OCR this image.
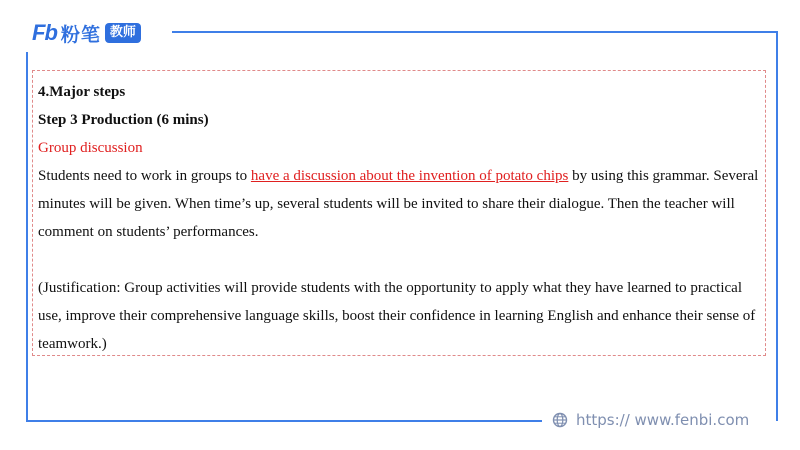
Fb 粉笔 教师

4.Major steps

Step 3 Production (6 mins)

Group discussion

Students need to work in groups to have a discussion about the invention of potato chips by using this grammar. Several minutes will be given. When time’s up, several students will be invited to share their dialogue. Then the teacher will comment on students’ performances.

(Justification: Group activities will provide students with the opportunity to apply what they have learned to practical use, improve their comprehensive language skills, boost their confidence in learning English and enhance their sense of teamwork.)

https:// www.fenbi.com
